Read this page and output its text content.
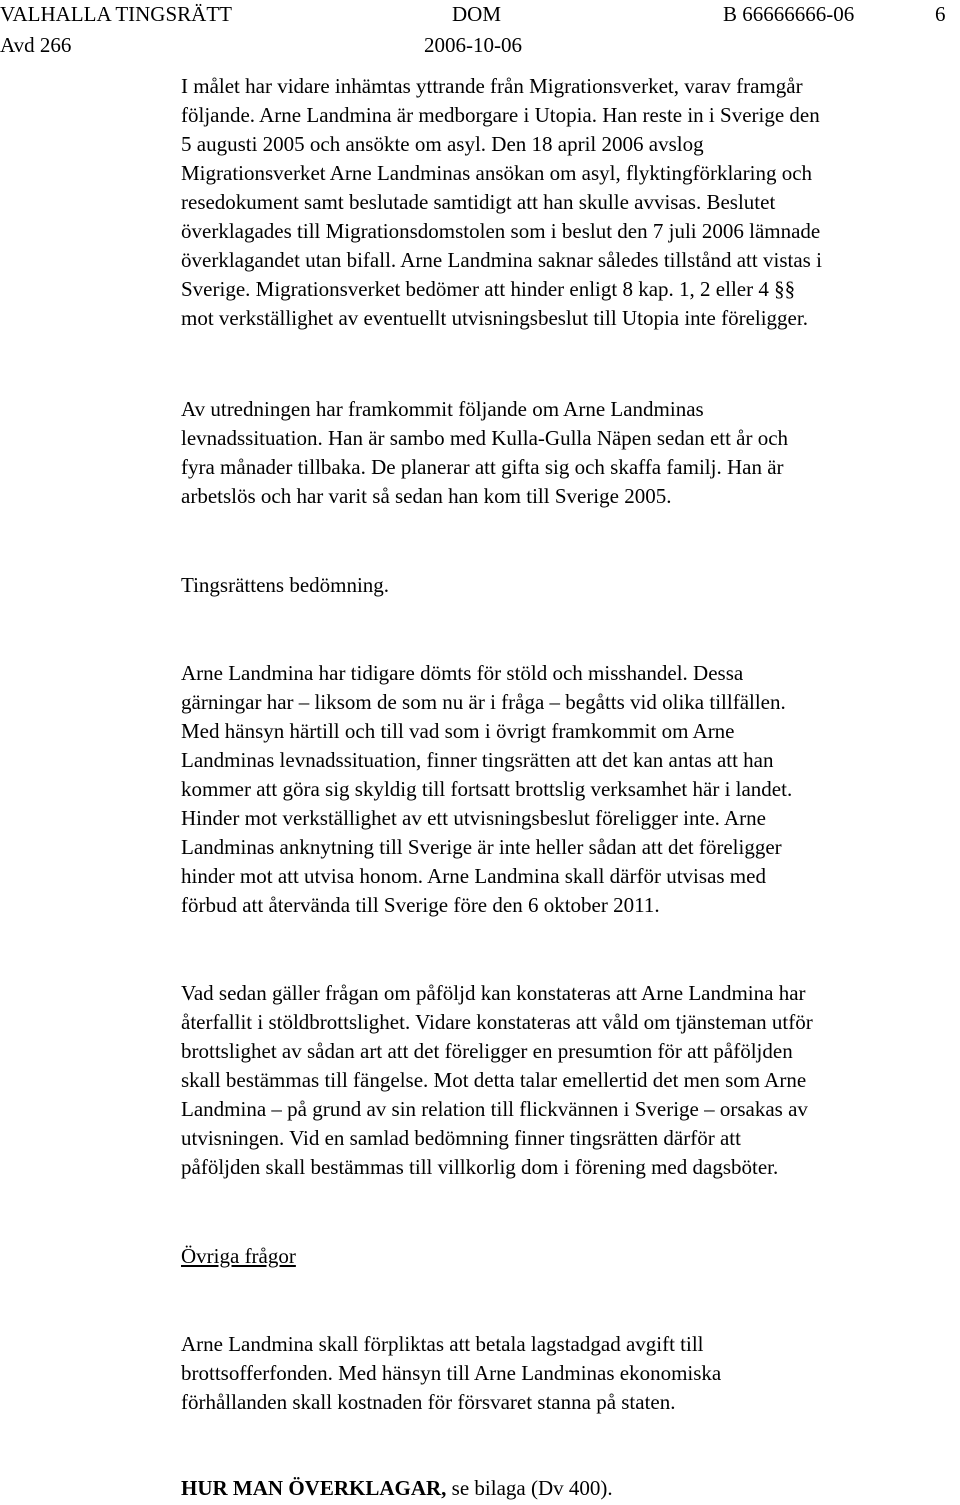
VALHALLA TINGSRÄTT	DOM	B 66666666-06	6
Avd 266	2006-10-06

I målet har vidare inhämtas yttrande från Migrationsverket, varav framgår
följande. Arne Landmina är medborgare i Utopia. Han reste in i Sverige den
5 augusti 2005 och ansökte om asyl. Den 18 april 2006 avslog
Migrationsverket Arne Landminas ansökan om asyl, flyktingförklaring och
resedokument samt beslutade samtidigt att han skulle avvisas. Beslutet
överklagades till Migrationsdomstolen som i beslut den 7 juli 2006 lämnade
överklagandet utan bifall. Arne Landmina saknar således tillstånd att vistas i
Sverige. Migrationsverket bedömer att hinder enligt 8 kap. 1, 2 eller 4 §§
mot verkställighet av eventuellt utvisningsbeslut till Utopia inte föreligger.

Av utredningen har framkommit följande om Arne Landminas
levnadssituation. Han är sambo med Kulla-Gulla Näpen sedan ett år och
fyra månader tillbaka. De planerar att gifta sig och skaffa familj. Han är
arbetslös och har varit så sedan han kom till Sverige 2005.

Tingsrättens bedömning.

Arne Landmina har tidigare dömts för stöld och misshandel. Dessa
gärningar har – liksom de som nu är i fråga – begåtts vid olika tillfällen.
Med hänsyn härtill och till vad som i övrigt framkommit om Arne
Landminas levnadssituation, finner tingsrätten att det kan antas att han
kommer att göra sig skyldig till fortsatt brottslig verksamhet här i landet.
Hinder mot verkställighet av ett utvisningsbeslut föreligger inte. Arne
Landminas anknytning till Sverige är inte heller sådan att det föreligger
hinder mot att utvisa honom. Arne Landmina skall därför utvisas med
förbud att återvända till Sverige före den 6 oktober 2011.

Vad sedan gäller frågan om påföljd kan konstateras att Arne Landmina har
återfallit i stöldbrottslighet. Vidare konstateras att våld om tjänsteman utför
brottslighet av sådan art att det föreligger en presumtion för att påföljden
skall bestämmas till fängelse. Mot detta talar emellertid det men som Arne
Landmina – på grund av sin relation till flickvännen i Sverige – orsakas av
utvisningen. Vid en samlad bedömning finner tingsrätten därför att
påföljden skall bestämmas till villkorlig dom i förening med dagsböter.

Övriga frågor

Arne Landmina skall förpliktas att betala lagstadgad avgift till
brottsofferfonden. Med hänsyn till Arne Landminas ekonomiska
förhållanden skall kostnaden för försvaret stanna på staten.

HUR MAN ÖVERKLAGAR, se bilaga (Dv 400).
